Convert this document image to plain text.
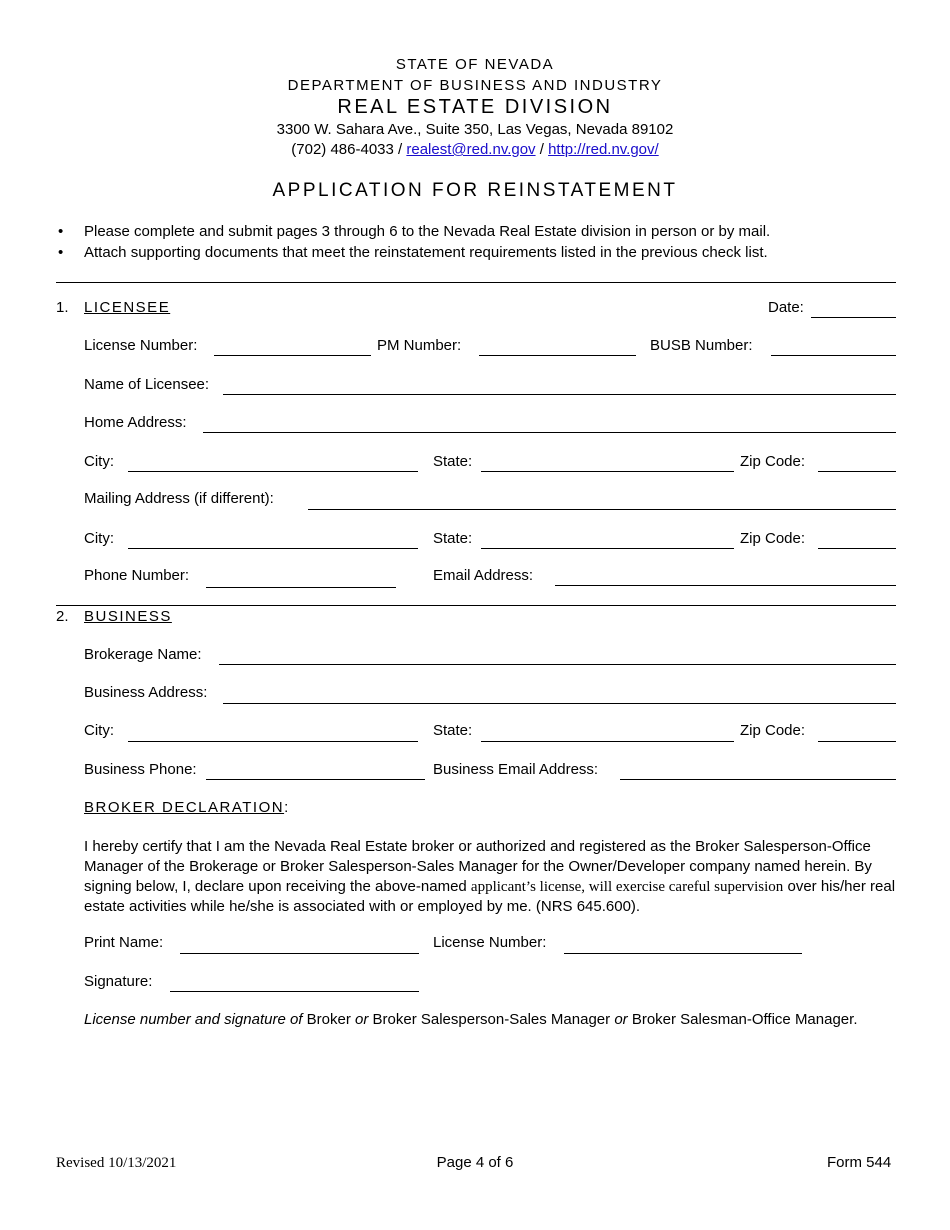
STATE OF NEVADA
DEPARTMENT OF BUSINESS AND INDUSTRY
REAL ESTATE DIVISION
3300 W. Sahara Ave., Suite 350, Las Vegas, Nevada 89102
(702) 486-4033 / realest@red.nv.gov / http://red.nv.gov/
APPLICATION FOR REINSTATEMENT
• Please complete and submit pages 3 through 6 to the Nevada Real Estate division in person or by mail.
• Attach supporting documents that meet the reinstatement requirements listed in the previous check list.
1. LICENSEE	Date:
License Number:	PM Number:	BUSB Number:
Name of Licensee:
Home Address:
City:	State:	Zip Code:
Mailing Address (if different):
City:	State:	Zip Code:
Phone Number:	Email Address:
2. BUSINESS
Brokerage Name:
Business Address:
City:	State:	Zip Code:
Business Phone:	Business Email Address:
BROKER DECLARATION:
I hereby certify that I am the Nevada Real Estate broker or authorized and registered as the Broker Salesperson-Office Manager of the Brokerage or Broker Salesperson-Sales Manager for the Owner/Developer company named herein. By signing below, I, declare upon receiving the above-named applicant’s license, will exercise careful supervision over his/her real estate activities while he/she is associated with or employed by me. (NRS 645.600).
Print Name:	License Number:
Signature:
License number and signature of Broker or Broker Salesperson-Sales Manager or Broker Salesman-Office Manager.
Revised 10/13/2021	Page 4 of 6	Form 544
